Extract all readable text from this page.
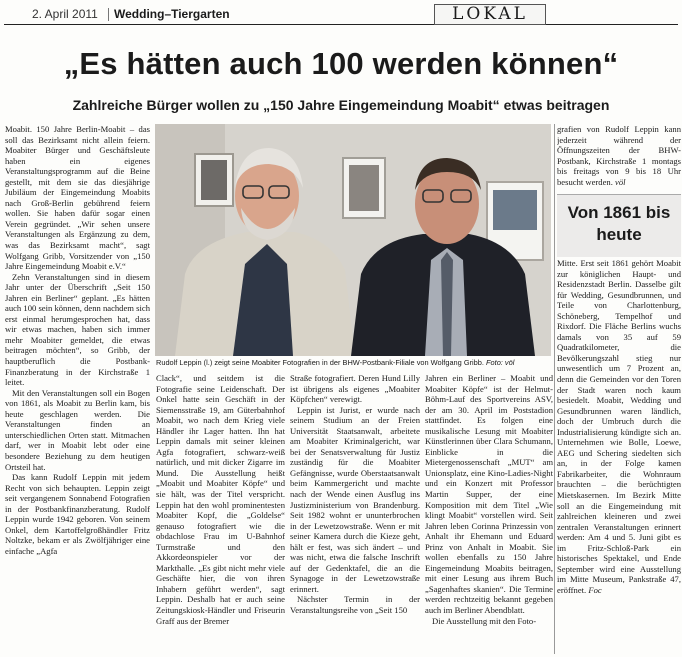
2. April 2011 Wedding–Tiergarten	LOKAL
„Es hätten auch 100 werden können“
Zahlreiche Bürger wollen zu „150 Jahre Eingemeindung Moabit“ etwas beitragen

Moabit. 150 Jahre Berlin-Moabit – das soll das Bezirksamt nicht allein feiern. Moabiter Bürger und Geschäftsleute haben ein eigenes Veranstaltungsprogramm auf die Beine gestellt, mit dem sie das diesjährige Jubiläum der Eingemeindung Moabits nach Groß-Berlin gebührend feiern wollen. Sie haben dafür sogar einen Verein gegründet. „Wir sehen unsere Veranstaltungen als Ergänzung zu dem, was das Bezirksamt macht“, sagt Wolfgang Gribb, Vorsitzender von „150 Jahre Eingemeindung Moabit e.V.“

Zehn Veranstaltungen sind in diesem Jahr unter der Überschrift „Seit 150 Jahren ein Berliner“ geplant. „Es hätten auch 100 sein können, denn nachdem sich erst einmal herumgesprochen hat, dass wir etwas machen, haben sich immer mehr Moabiter gemeldet, die etwas beitragen möchten“, so Gribb, der hauptberuflich die Postbank-Finanzberatung in der Kirchstraße 1 leitet.

Mit den Veranstaltungen soll ein Bogen von 1861, als Moabit zu Berlin kam, bis heute geschlagen werden. Die Veranstaltungen finden an unterschiedlichen Orten statt. Mitmachen darf, wer in Moabit lebt oder eine besondere Beziehung zu dem heutigen Ortsteil hat.

Das kann Rudolf Leppin mit jedem Recht von sich behaupten. Leppin zeigt seit vergangenem Sonnabend Fotografien in der Postbankfinanzberatung. Rudolf Leppin wurde 1942 geboren. Von seinem Onkel, dem Kartoffelgroßhändler Fritz Noltzke, bekam er als Zwölfjähriger eine einfache „Agfa

Rudolf Leppin (l.) zeigt seine Moabiter Fotografien in der BHW-Postbank-Filiale von Wolfgang Gribb. Foto: völ

Clack“, und seitdem ist die Fotografie seine Leidenschaft. Der Onkel hatte sein Geschäft in der Siemensstraße 19, am Güterbahnhof Moabit, wo nach dem Krieg viele Händler ihr Lager hatten. Ihn hat Leppin damals mit seiner kleinen Agfa fotografiert, schwarz-weiß natürlich, und mit dicker Zigarre im Mund. Die Ausstellung heißt „Moabit und Moabiter Köpfe“ und sie hält, was der Titel verspricht. Leppin hat den wohl prominentesten Moabiter Kopf, die „Goldelse“ genauso fotografiert wie die obdachlose Frau im U-Bahnhof Turmstraße und den Akkordeonspieler vor der Markthalle. „Es gibt nicht mehr viele Geschäfte hier, die von ihren Inhabern geführt werden“, sagt Leppin. Deshalb hat er auch seine Zeitungskiosk-Händler und Friseurin Graff aus der Bremer

Straße fotografiert. Deren Hund Lilly ist übrigens als eigenes „Moabiter Köpfchen“ verewigt.

Leppin ist Jurist, er wurde nach seinem Studium an der Freien Universität Staatsanwalt, arbeitete am Moabiter Kriminalgericht, war bei der Senatsverwaltung für Justiz zuständig für die Moabiter Gefängnisse, wurde Oberstaatsanwalt beim Kammergericht und machte nach der Wende einen Ausflug ins Justizministerium von Brandenburg. Seit 1982 wohnt er ununterbrochen in der Lewetzowstraße. Wenn er mit seiner Kamera durch die Kieze geht, hält er fest, was sich ändert – und was nicht, etwa die falsche Inschrift auf der Gedenktafel, die an die Synagoge in der Lewetzowstraße erinnert.

Nächster Termin in der Veranstaltungsreihe von „Seit 150

Jahren ein Berliner – Moabit und Moabiter Köpfe“ ist der Helmut-Böhm-Lauf des Sportvereins ASV, der am 30. April im Poststadion stattfindet. Es folgen eine musikalische Lesung mit Moabiter Künstlerinnen über Clara Schumann, Einblicke in die Mietergenossenschaft „MUT“ am Unionsplatz, eine Kino-Ladies-Night und ein Konzert mit Professor Martin Supper, der eine Komposition mit dem Titel „Wie klingt Moabit“ vorstellen wird. Seit Jahren leben Corinna Prinzessin von Anhalt ihr Ehemann und Eduard Prinz von Anhalt in Moabit. Sie wollen ebenfalls zu 150 Jahre Eingemeindung Moabits beitragen, mit einer Lesung aus ihrem Buch „Sagenhaftes skanien“. Die Termine werden rechtzeitig bekannt gegeben auch im Berliner Abendblatt.

Die Ausstellung mit den Foto-

grafien von Rudolf Leppin kann jederzeit während der Öffnungszeiten der BHW-Postbank, Kirchstraße 1 montags bis freitags von 9 bis 18 Uhr besucht werden. völ

Von 1861 bis heute

Mitte. Erst seit 1861 gehört Moabit zur königlichen Haupt- und Residenzstadt Berlin. Dasselbe gilt für Wedding, Gesundbrunnen, und Teile von Charlottenburg, Schöneberg, Tempelhof und Rixdorf. Die Fläche Berlins wuchs damals von 35 auf 59 Quadratkilometer, die Bevölkerungszahl stieg nur unwesentlich um 7 Prozent an, denn die Gemeinden vor den Toren der Stadt waren noch kaum besiedelt. Moabit, Wedding und Gesundbrunnen waren ländlich, doch der Umbruch durch die Industrialisierung kündigte sich an. Unternehmen wie Bolle, Loewe, AEG und Schering siedelten sich an, in der Folge kamen Fabrikarbeiter, die Wohnraum brauchten – die berüchtigten Mietskasernen. Im Bezirk Mitte soll an die Eingemeindung mit zahlreichen kleineren und zwei zentralen Veranstaltungen erinnert werden: Am 4 und 5. Juni gibt es im Fritz-Schloß-Park ein historisches Spektakel, und Ende September wird eine Ausstellung im Mitte Museum, Pankstraße 47, eröffnet. Foc
